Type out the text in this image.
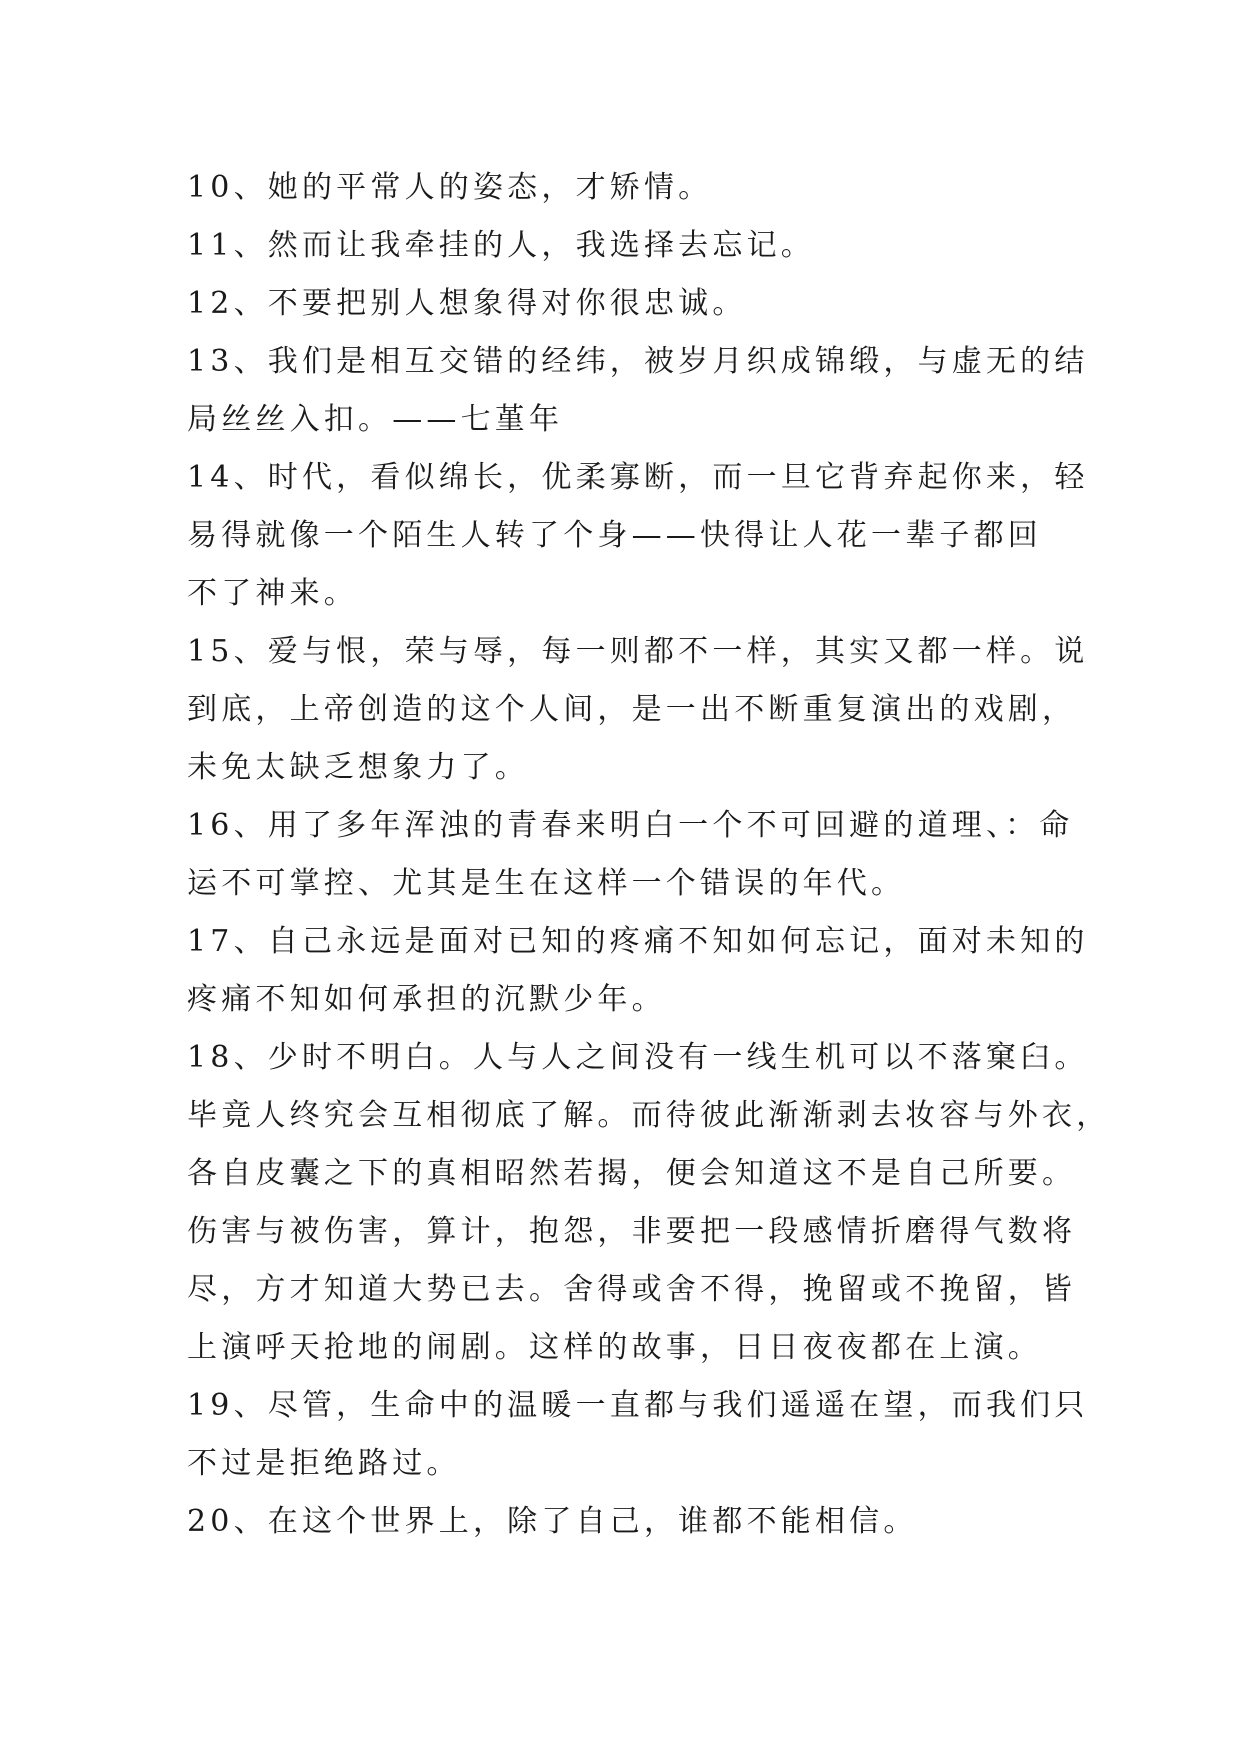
10、她的平常人的姿态，才矫情。
11、然而让我牵挂的人，我选择去忘记。
12、不要把别人想象得对你很忠诚。
13、我们是相互交错的经纬，被岁月织成锦缎，与虚无的结
局丝丝入扣。——七堇年
14、时代，看似绵长，优柔寡断，而一旦它背弃起你来，轻
易得就像一个陌生人转了个身——快得让人花一辈子都回
不了神来。
15、爱与恨，荣与辱，每一则都不一样，其实又都一样。说
到底，上帝创造的这个人间，是一出不断重复演出的戏剧，
未免太缺乏想象力了。
16、用了多年浑浊的青春来明白一个不可回避的道理、：命
运不可掌控、尤其是生在这样一个错误的年代。
17、自己永远是面对已知的疼痛不知如何忘记，面对未知的
疼痛不知如何承担的沉默少年。
18、少时不明白。人与人之间没有一线生机可以不落窠臼。
毕竟人终究会互相彻底了解。而待彼此渐渐剥去妆容与外衣，
各自皮囊之下的真相昭然若揭，便会知道这不是自己所要。
伤害与被伤害，算计，抱怨，非要把一段感情折磨得气数将
尽，方才知道大势已去。舍得或舍不得，挽留或不挽留，皆
上演呼天抢地的闹剧。这样的故事，日日夜夜都在上演。
19、尽管，生命中的温暖一直都与我们遥遥在望，而我们只
不过是拒绝路过。
20、在这个世界上，除了自己，谁都不能相信。
